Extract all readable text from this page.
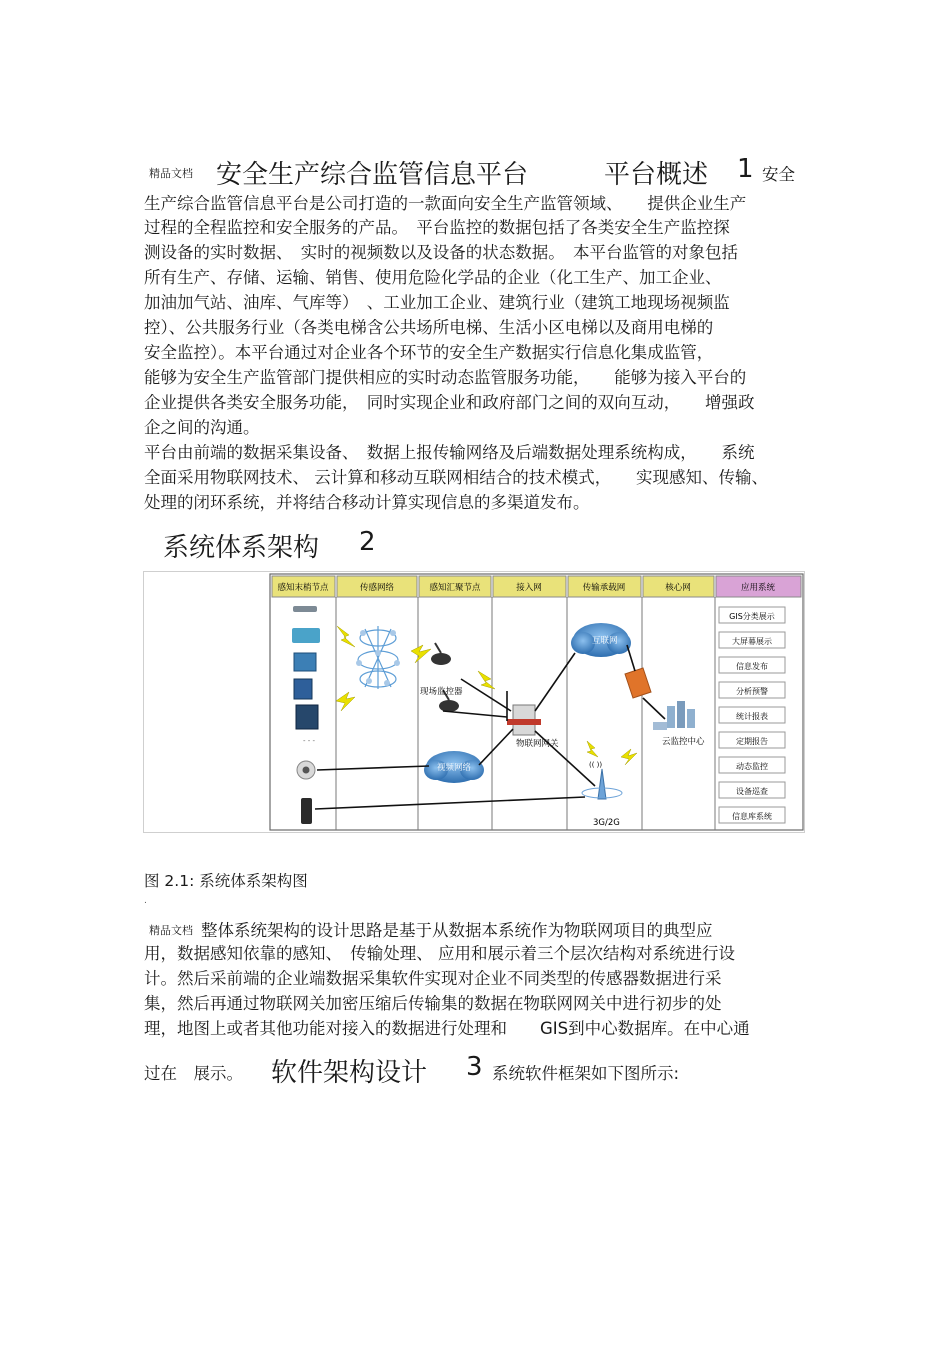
精品文档 安全生产综合监管信息平台	平台概述 1 安全
生产综合监管信息平台是公司打造的一款面向安全生产监管领域、　　提供企业生产
过程的全程监控和安全服务的产品。　平台监控的数据包括了各类安全生产监控探
测设备的实时数据、　实时的视频数以及设备的状态数据。　本平台监管的对象包括
所有生产、存储、运输、销售、使用危险化学品的企业（化工生产、加工企业、
加油加气站、油库、气库等）　、工业加工企业、建筑行业（建筑工地现场视频监
控）、公共服务行业（各类电梯含公共场所电梯、生活小区电梯以及商用电梯的
安全监控）。本平台通过对企业各个环节的安全生产数据实行信息化集成监管，
能够为安全生产监管部门提供相应的实时动态监管服务功能，　　能够为接入平台的
企业提供各类安全服务功能，　同时实现企业和政府部门之间的双向互动，　　增强政
企之间的沟通。
平台由前端的数据采集设备、　数据上报传输网络及后端数据处理系统构成，　　系统
全面采用物联网技术、 云计算和移动互联网相结合的技术模式，　　实现感知、传输、
处理的闭环系统，并将结合移动计算实现信息的多渠道发布。
系统体系架构 2
感知末梢节点	传感网络	感知汇聚节点	接入网	传输承载网	核心网	应用系统
- - -
现场监控器
物联网网关
互联网
视频网络
云监控中心
(( ))
3G/2G
GIS分类展示
大屏幕展示
信息发布
分析预警
统计报表
定期报告
动态监控
设备巡查
信息库系统
图 2.1: 系统体系架构图
.
精品文档 整体系统架构的设计思路是基于从数据本系统作为物联网项目的典型应
用，数据感知依靠的感知、　传输处理、 应用和展示着三个层次结构对系统进行设
计。然后采前端的企业端数据采集软件实现对企业不同类型的传感器数据进行采
集，然后再通过物联网关加密压缩后传输集的数据在物联网网关中进行初步的处
理，地图上或者其他功能对接入的数据进行处理和　　GIS到中心数据库。在中心通
过在　展示。 软件架构设计 3 系统软件框架如下图所示:
